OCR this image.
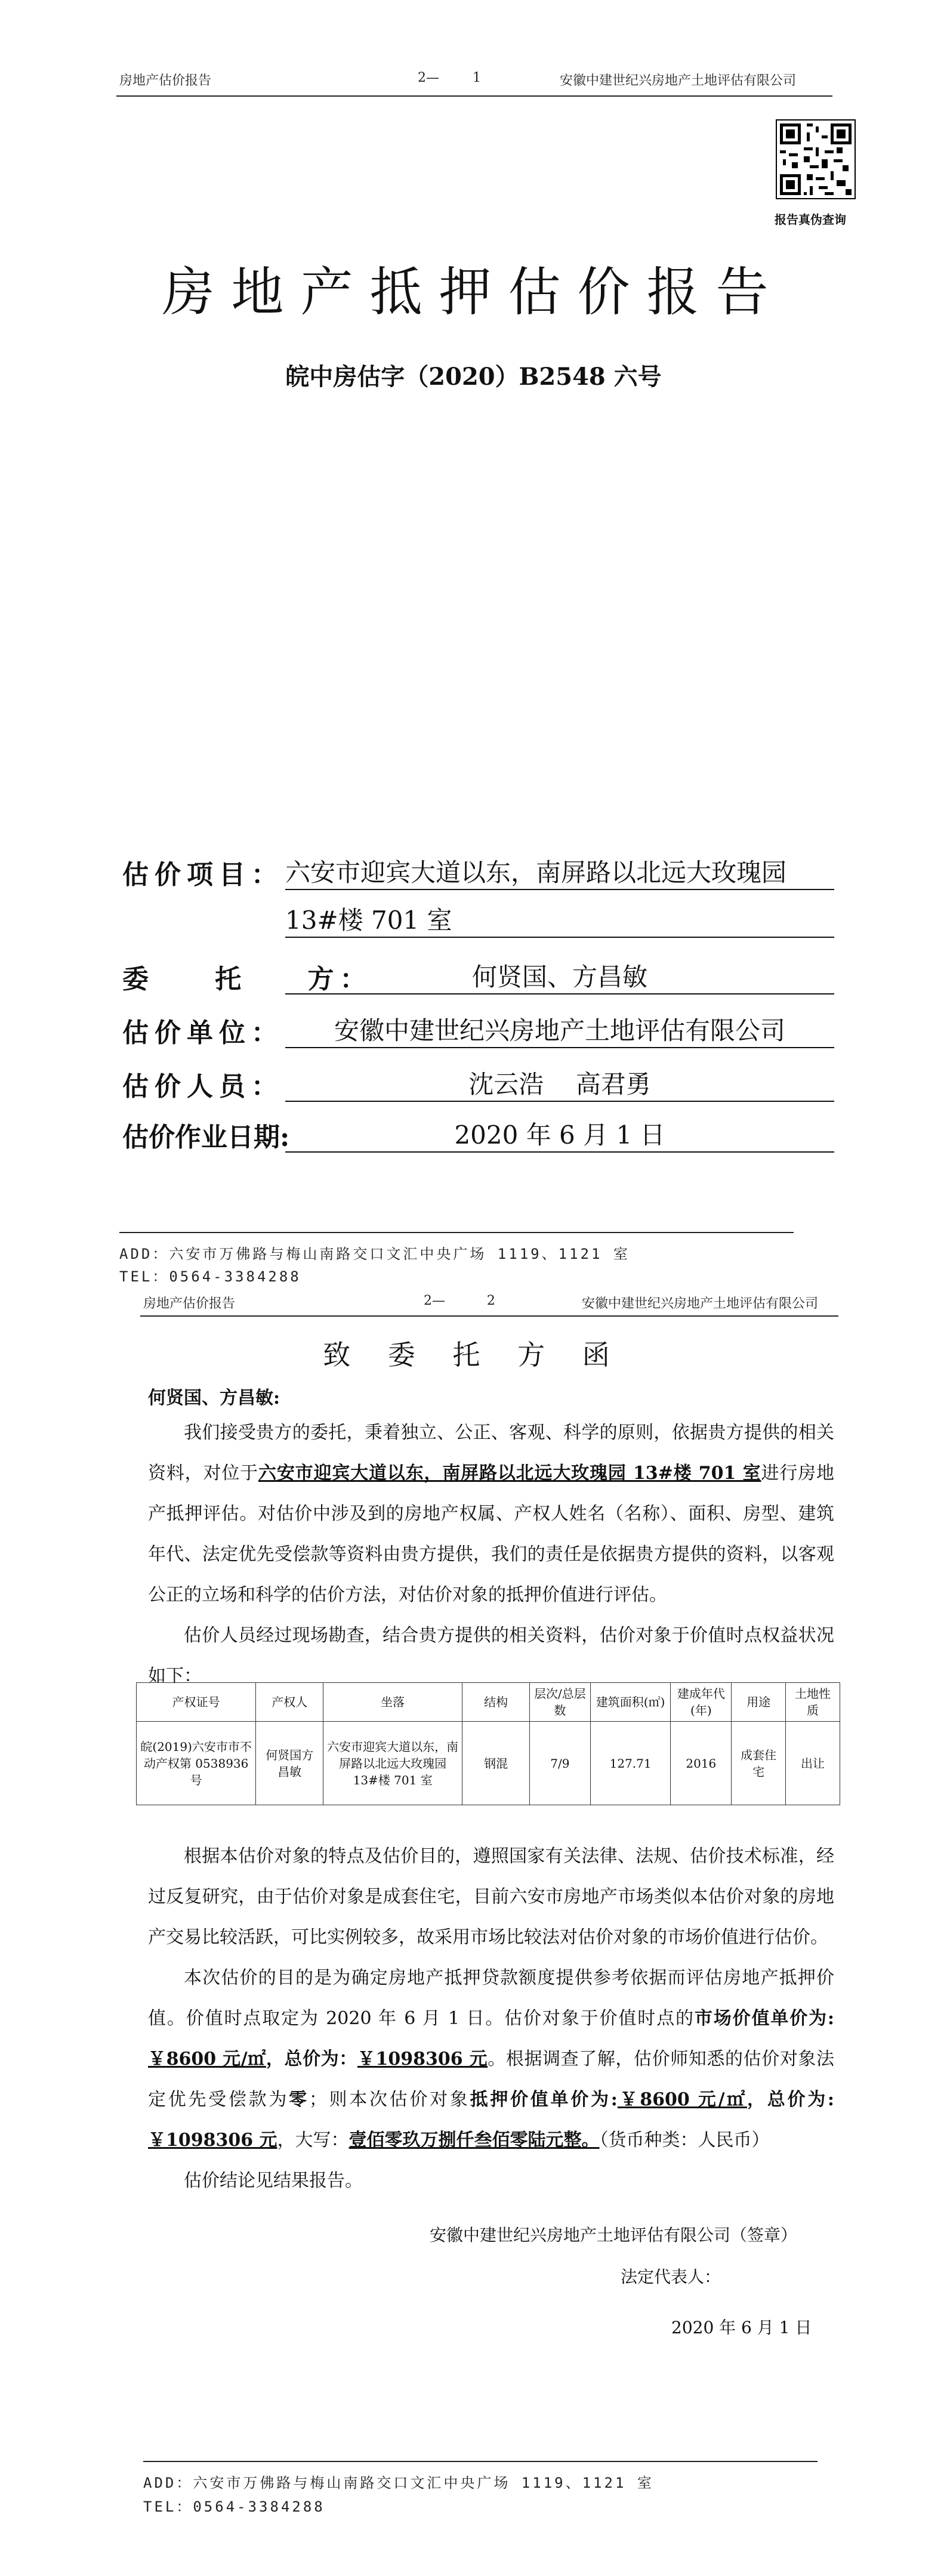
房地产估价报告	2—        1	安徽中建世纪兴房地产土地评估有限公司
报告真伪查询
房地产抵押估价报告
皖中房估字（2020）B2548 六号
估价项目： 六安市迎宾大道以东，南屏路以北远大玫瑰园
13#楼 701 室
委    托    方：	何贤国、方昌敏
估价单位：	安徽中建世纪兴房地产土地评估有限公司
估价人员：	沈云浩    高君勇
估价作业日期:	2020 年 6 月 1 日
ADD：六安市万佛路与梅山南路交口文汇中央广场 1119、1121 室
TEL：0564-3384288
房地产估价报告	2—          2	安徽中建世纪兴房地产土地评估有限公司
致 委 托 方 函
何贤国、方昌敏:

我们接受贵方的委托，秉着独立、公正、客观、科学的原则，依据贵方提供的相关资料，对位于六安市迎宾大道以东，南屏路以北远大玫瑰园 13#楼 701 室进行房地产抵押评估。对估价中涉及到的房地产权属、产权人姓名（名称）、面积、房型、建筑年代、法定优先受偿款等资料由贵方提供，我们的责任是依据贵方提供的资料，以客观公正的立场和科学的估价方法，对估价对象的抵押价值进行评估。

估价人员经过现场勘查，结合贵方提供的相关资料，估价对象于价值时点权益状况如下：

产权证号	产权人	坐落	结构	层次/总层数	建筑面积(㎡)	建成年代(年)	用途	土地性质
皖(2019)六安市市不动产权第 0538936 号	何贤国方昌敏	六安市迎宾大道以东，南屏路以北远大玫瑰园 13#楼 701 室	钢混	7/9	127.71	2016	成套住宅	出让

根据本估价对象的特点及估价目的，遵照国家有关法律、法规、估价技术标准，经过反复研究，由于估价对象是成套住宅，目前六安市房地产市场类似本估价对象的房地产交易比较活跃，可比实例较多，故采用市场比较法对估价对象的市场价值进行估价。

本次估价的目的是为确定房地产抵押贷款额度提供参考依据而评估房地产抵押价值。价值时点取定为 2020 年 6 月 1 日。估价对象于价值时点的市场价值单价为:￥8600 元/㎡，总价为：￥1098306 元。根据调查了解，估价师知悉的估价对象法定优先受偿款为零；则本次估价对象抵押价值单价为:￥8600 元/㎡，总价为:￥1098306 元，大写：壹佰零玖万捌仟叁佰零陆元整。（货币种类：人民币）

估价结论见结果报告。

安徽中建世纪兴房地产土地评估有限公司（签章）
法定代表人：
2020 年 6 月 1 日
ADD：六安市万佛路与梅山南路交口文汇中央广场 1119、1121 室
TEL：0564-3384288
